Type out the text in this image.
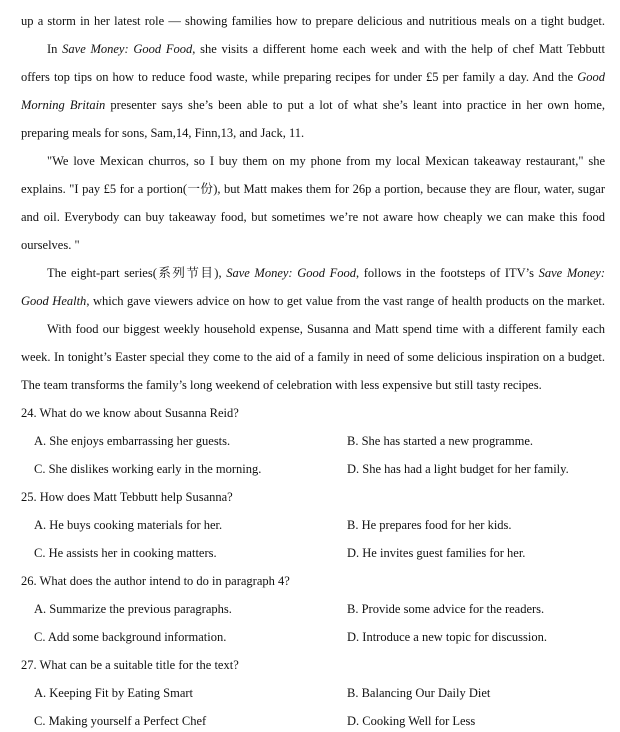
up a storm in her latest role — showing families how to prepare delicious and nutritious meals on a tight budget.
In Save Money: Good Food, she visits a different home each week and with the help of chef Matt Tebbutt
offers top tips on how to reduce food waste, while preparing recipes for under £5 per family a day. And the Good
Morning Britain presenter says she’s been able to put a lot of what she’s leant into practice in her own home,
preparing meals for sons, Sam,14, Finn,13, and Jack, 11.
"We love Mexican churros, so I buy them on my phone from my local Mexican takeaway restaurant," she
explains. "I pay £5 for a portion(一份), but Matt makes them for 26p a portion, because they are flour, water, sugar
and oil. Everybody can buy takeaway food, but sometimes we’re not aware how cheaply we can make this food
ourselves. "
The eight-part series(系列节目), Save Money: Good Food, follows in the footsteps of ITV’s Save Money:
Good Health, which gave viewers advice on how to get value from the vast range of health products on the market.
With food our biggest weekly household expense, Susanna and Matt spend time with a different family each
week. In tonight’s Easter special they come to the aid of a family in need of some delicious inspiration on a budget.
The team transforms the family’s long weekend of celebration with less expensive but still tasty recipes.
24. What do we know about Susanna Reid?
A. She enjoys embarrassing her guests.	B. She has started a new programme.
C. She dislikes working early in the morning.	D. She has had a light budget for her family.
25. How does Matt Tebbutt help Susanna?
A. He buys cooking materials for her.	B. He prepares food for her kids.
C. He assists her in cooking matters.	D. He invites guest families for her.
26. What does the author intend to do in paragraph 4?
A. Summarize the previous paragraphs.	B. Provide some advice for the readers.
C. Add some background information.	D. Introduce a new topic for discussion.
27. What can be a suitable title for the text?
A. Keeping Fit by Eating Smart	B. Balancing Our Daily Diet
C. Making yourself a Perfect Chef	D. Cooking Well for Less
